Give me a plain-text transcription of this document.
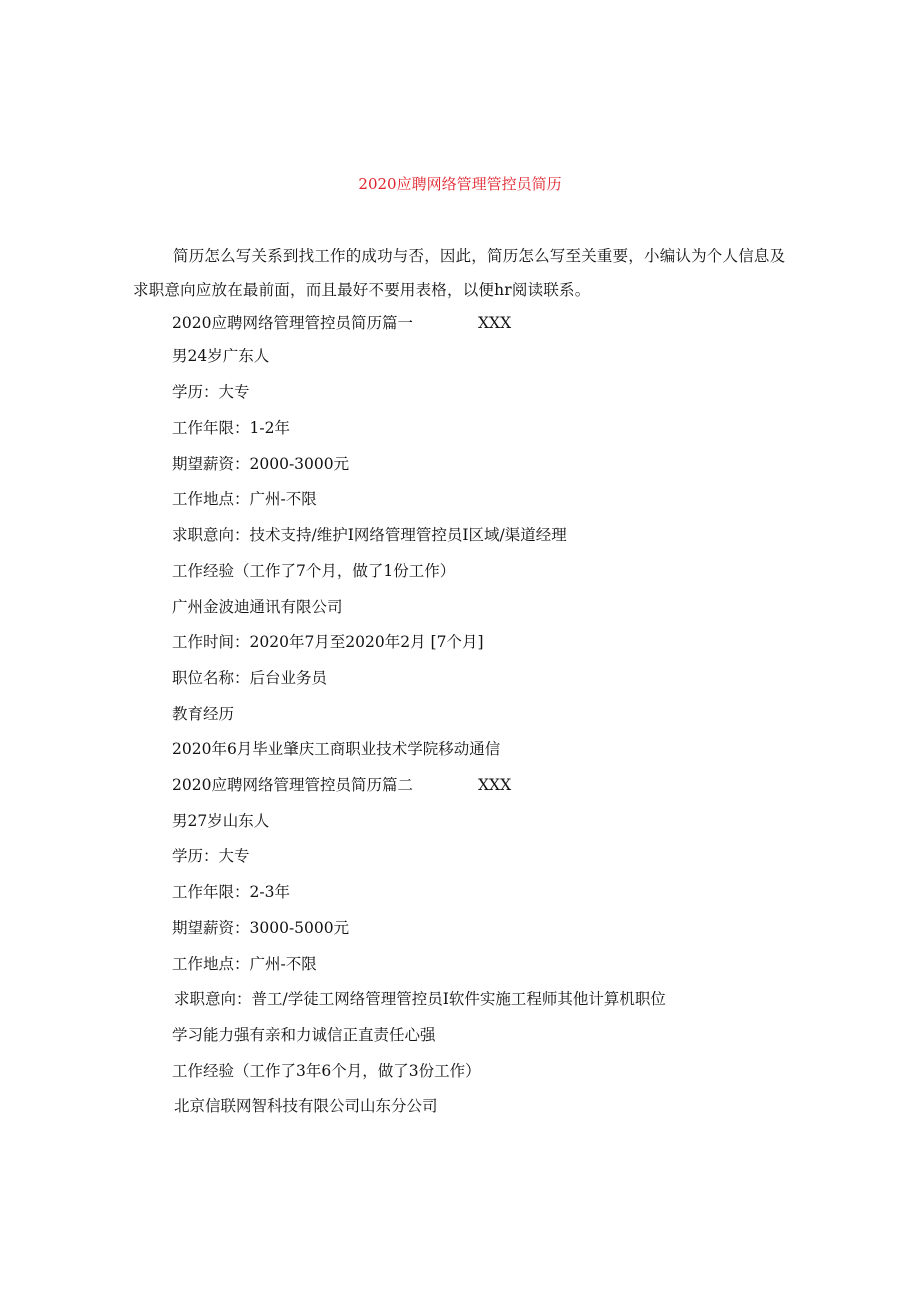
2020应聘网络管理管控员简历
简历怎么写关系到找工作的成功与否，因此，简历怎么写至关重要，小编认为个人信息及求职意向应放在最前面，而且最好不要用表格，以便hr阅读联系。
2020应聘网络管理管控员简历篇一	XXX
男24岁广东人
学历：大专
工作年限：1-2年
期望薪资：2000-3000元
工作地点：广州-不限
求职意向：技术支持/维护I网络管理管控员I区域/渠道经理
工作经验（工作了7个月，做了1份工作）
广州金波迪通讯有限公司
工作时间：2020年7月至2020年2月 [7个月]
职位名称：后台业务员
教育经历
2020年6月毕业肇庆工商职业技术学院移动通信
2020应聘网络管理管控员简历篇二	XXX
男27岁山东人
学历：大专
工作年限：2-3年
期望薪资：3000-5000元
工作地点：广州-不限
求职意向：普工/学徒工网络管理管控员I软件实施工程师其他计算机职位
学习能力强有亲和力诚信正直责任心强
工作经验（工作了3年6个月，做了3份工作）
北京信联网智科技有限公司山东分公司
